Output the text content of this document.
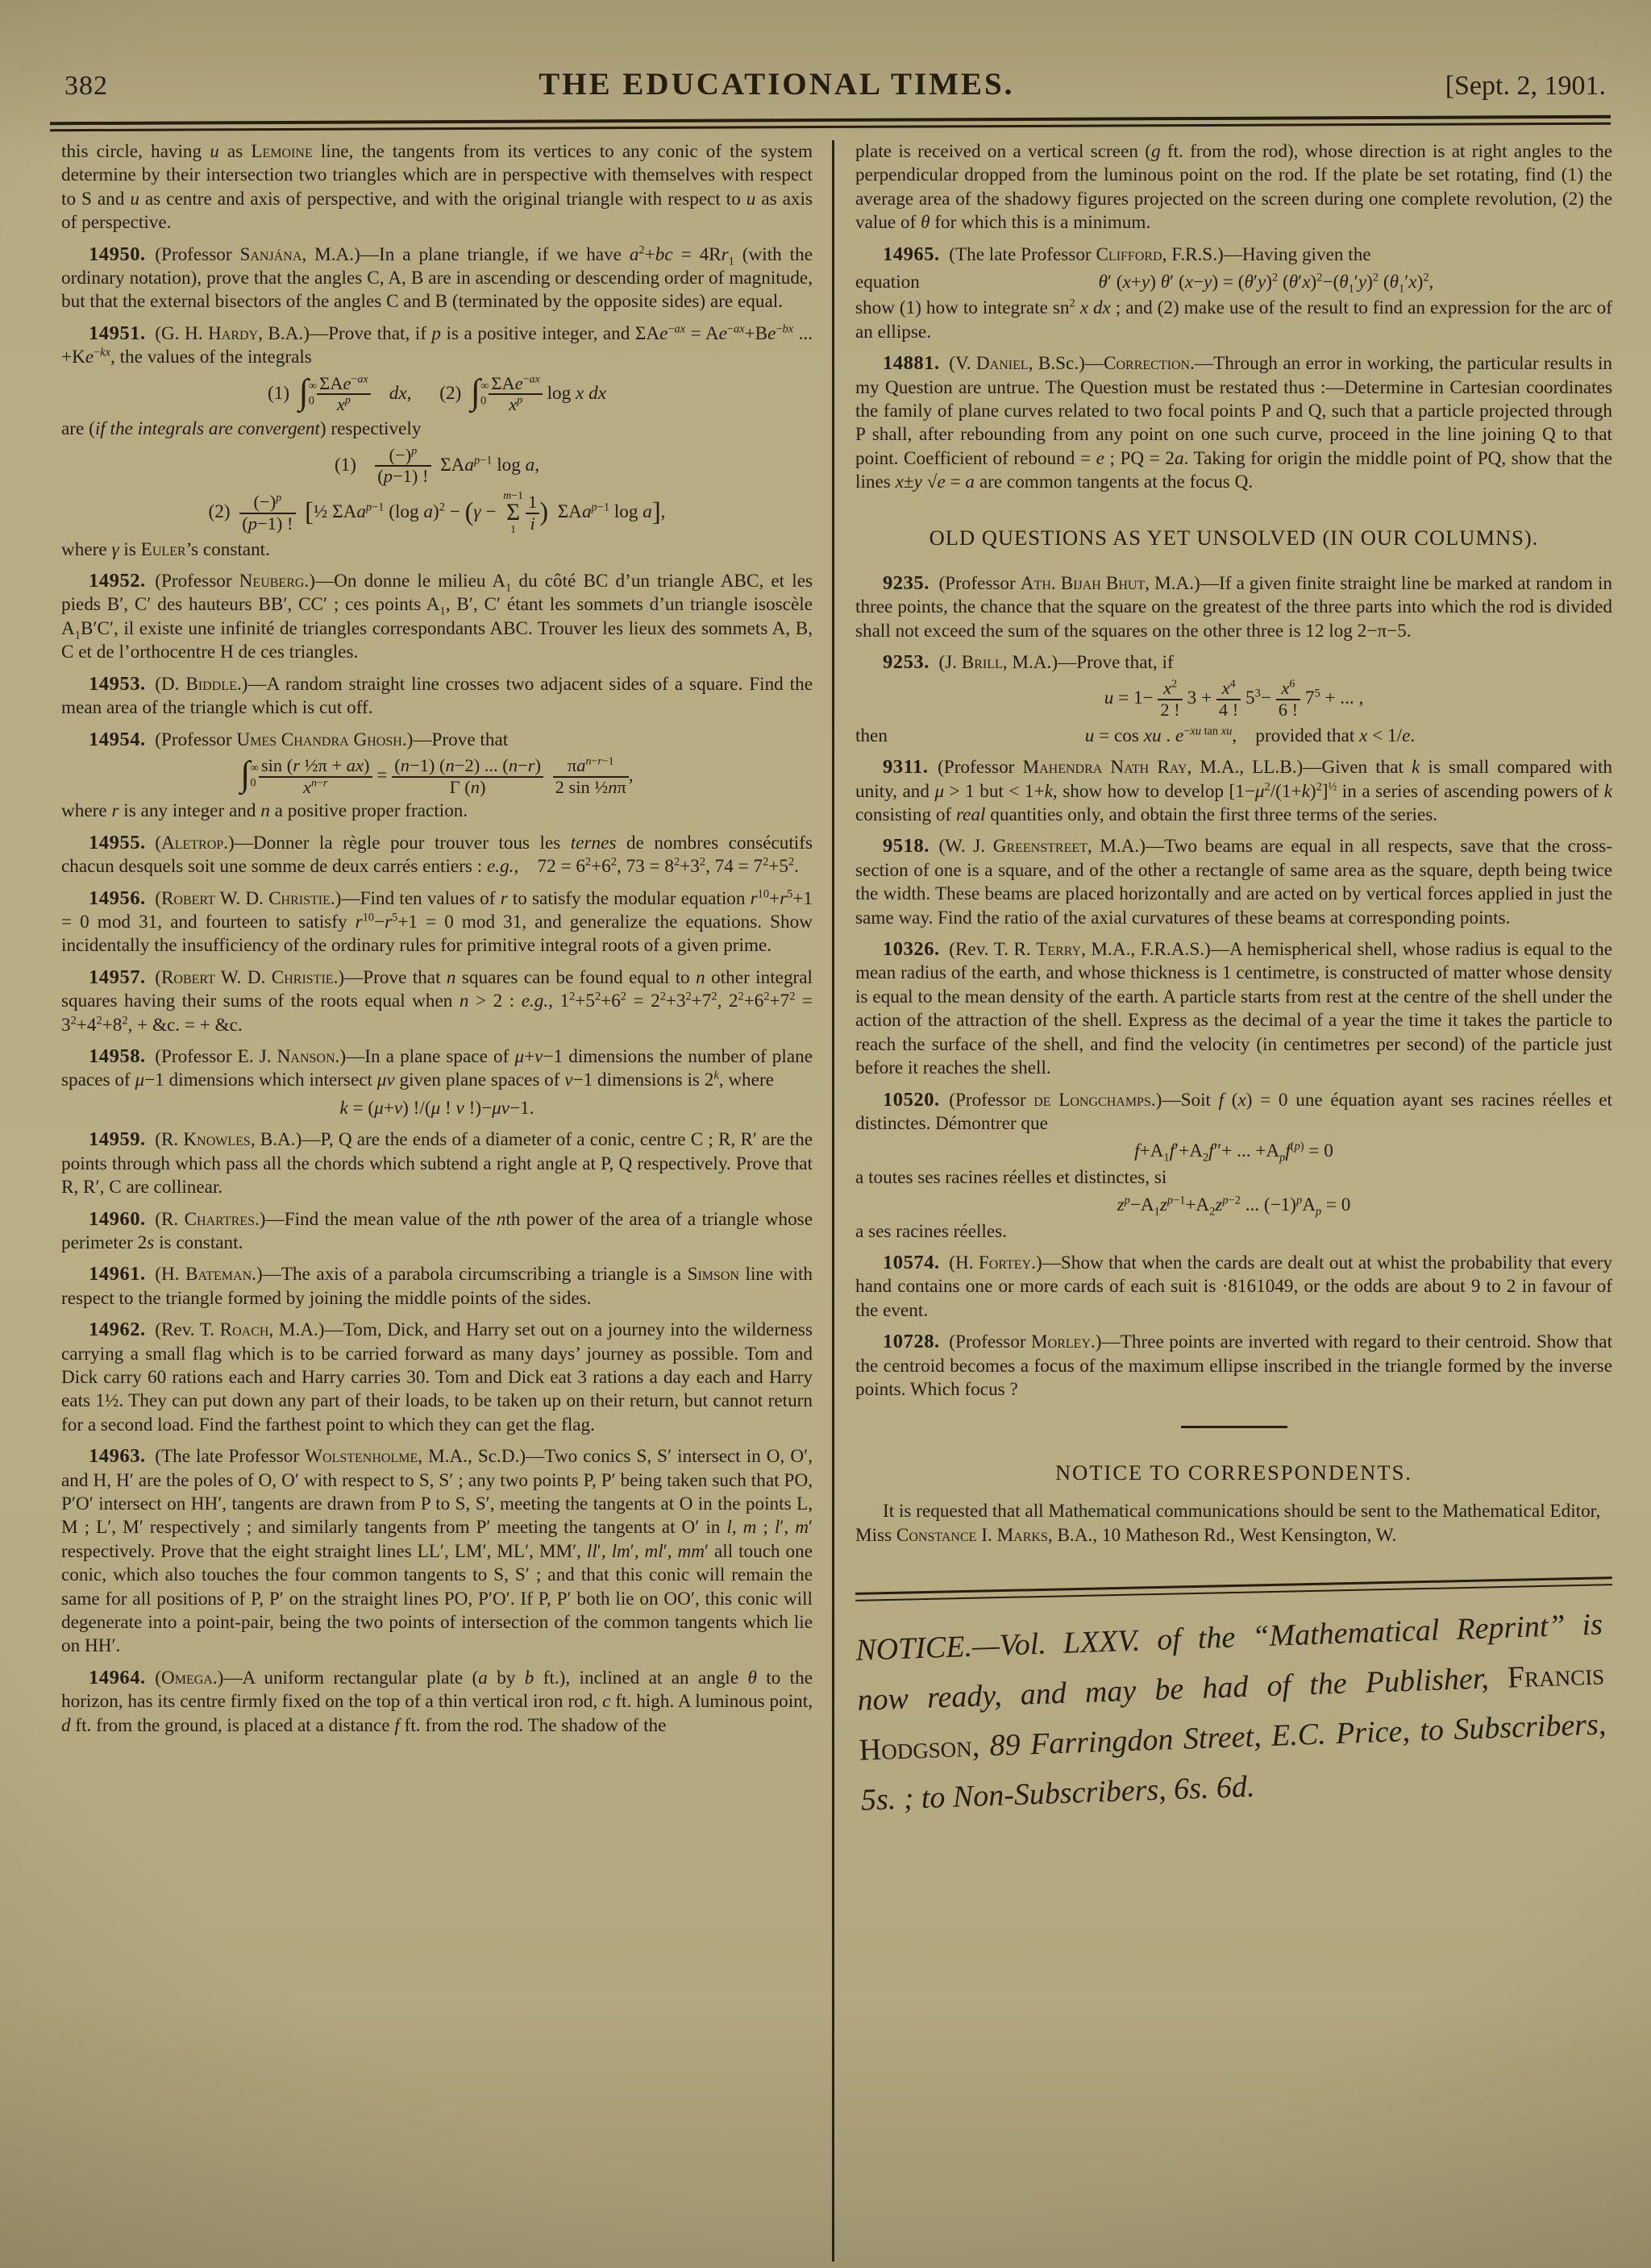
382	THE EDUCATIONAL TIMES.	[Sept. 2, 1901.

this circle, having u as Lemoine line, the tangents from its vertices to any conic of the system determine by their intersection two triangles which are in perspective with themselves with respect to S and u as centre and axis of perspective, and with the original triangle with respect to u as axis of perspective.

14950.  (Professor Sanjána, M.A.)—In a plane triangle, if we have $a^2+bc = 4Rr_1$ (with the ordinary notation), prove that the angles C, A, B are in ascending or descending order of magnitude, but that the external bisectors of the angles C and B (terminated by the opposite sides) are equal.

14951.  (G. H. Hardy, B.A.)—Prove that, if p is a positive integer, and $\Sigma Ae^{-ax} = Ae^{-ax}+Be^{-bx}$ ... $+Ke^{-kx}$, the values of the integrals
(1) $\int_0^\infty$ ΣAe$^{-ax}$
$x^p$
 	dx,  (2) $\int_0^\infty$ ΣAe$^{-ax}$
$x^p$	log x dx
are (if the integrals are convergent) respectively
(1)  $\frac{(-)^p}{(p-1) !}$  ΣAa$^{p-1}$ log a,
(2)  $\frac{(-)^p}{(p-1) !}$
  [½ ΣAa$^{p-1}$ (log a)$^2$ − (γ −
m−1
Σ
$1 \frac{1}{i}$ ) ΣAa$^{p-1}$ log a],
where γ is Euler’s constant.

14952.  (Professor Neuberg.)—On donne le milieu $A_1$ du côté BC d’un triangle ABC, et les pieds B′, C′ des hauteurs BB′, CC′ ; ces points $A_1$, B′, C′ étant les sommets d’un triangle isoscèle $A_1B'C'$, il existe une infinité de triangles correspondants ABC. Trouver les lieux des sommets A, B, C et de l’orthocentre H de ces triangles.

14953.  (D. Biddle.)—A random straight line crosses two adjacent sides of a square. Find the mean area of the triangle which is cut off.

14954.  (Professor Umes Chandra Ghosh.)—Prove that
$\int_0^\infty \frac{\text{sin (r ½π + ax)}}{x^{n-r}} = \frac{(n-1) (n-2) ... (n-r)}{\Gamma (n)}$
 	$\pi a^{n-r-1}$
2 sin ½nπ
,
where r is any integer and n a positive proper fraction.

14955.  (Aletrop.)—Donner la règle pour trouver tous les ternes de nombres consécutifs chacun desquels soit une somme de deux carrés entiers : e.g., $72 = 6^2+6^2$, $73 = 8^2+3^2$, $74 = 7^2+5^2$.

14956.  (Robert W. D. Christie.)—Find ten values of r to satisfy the modular equation $r^{10}+r^5+1 = 0$ mod 31, and fourteen to satisfy $r^{10}-r^5+1 = 0$ mod 31, and generalize the equations. Show incidentally the insufficiency of the ordinary rules for primitive integral roots of a given prime.

14957.  (Robert W. D. Christie.)—Prove that n squares can be found equal to n other integral squares having their sums of the roots equal when n > 2 : e.g., $1^2+5^2+6^2 = 2^2+3^2+7^2$, $2^2+6^2+7^2 = 3^2+4^2+8^2$, + &c. = + &c.

14958.  (Professor E. J. Nanson.)—In a plane space of μ+ν−1 dimensions the number of plane spaces of μ−1 dimensions which intersect μν given plane spaces of ν−1 dimensions is 2$^k$, where
k = (μ+ν) !/(μ ! ν !)−μν−1.

14959.  (R. Knowles, B.A.)—P, Q are the ends of a diameter of a conic, centre C ; R, R′ are the points through which pass all the chords which subtend a right angle at P, Q respectively. Prove that R, R′, C are collinear.

14960.  (R. Chartres.)—Find the mean value of the nth power of the area of a triangle whose perimeter 2s is constant.

14961.  (H. Bateman.)—The axis of a parabola circumscribing a triangle is a Simson line with respect to the triangle formed by joining the middle points of the sides.

14962.  (Rev. T. Roach, M.A.)—Tom, Dick, and Harry set out on a journey into the wilderness carrying a small flag which is to be carried forward as many days’ journey as possible. Tom and Dick carry 60 rations each and Harry carries 30. Tom and Dick eat 3 rations a day each and Harry eats 1½. They can put down any part of their loads, to be taken up on their return, but cannot return for a second load. Find the farthest point to which they can get the flag.

14963.  (The late Professor Wolstenholme, M.A., Sc.D.)—Two conics S, S′ intersect in O, O′, and H, H′ are the poles of O, O′ with respect to S, S′ ; any two points P, P′ being taken such that PO, P′O′ intersect on HH′, tangents are drawn from P to S, S′, meeting the tangents at O in the points L, M ; L′, M′ respectively ; and similarly tangents from P′ meeting the tangents at O′ in l, m ; l′, m′ respectively. Prove that the eight straight lines LL′, LM′, ML′, MM′, ll′, lm′, ml′, mm′ all touch one conic, which also touches the four common tangents to S, S′ ; and that this conic will remain the same for all positions of P, P′ on the straight lines PO, P′O′. If P, P′ both lie on OO′, this conic will degenerate into a point-pair, being the two points of intersection of the common tangents which lie on HH′.

14964.  (Omega.)—A uniform rectangular plate (a by b ft.), inclined at an angle θ to the horizon, has its centre firmly fixed on the top of a thin vertical iron rod, c ft. high. A luminous point, d ft. from the ground, is placed at a distance f ft. from the rod. The shadow of the

plate is received on a vertical screen (g ft. from the rod), whose direction is at right angles to the perpendicular dropped from the luminous point on the rod. If the plate be set rotating, find (1) the average area of the shadowy figures projected on the screen during one complete revolution, (2) the value of θ for which this is a minimum.

14965.  (The late Professor Clifford, F.R.S.)—Having given the
equation	θ′ (x+y) θ′ $(x-y) = (\theta'y)^2$ $(\theta'x)^2-(\theta_1'y)^2$ $(\theta_1'x)^2$,
show (1) how to integrate $sn^2$ x dx ; and (2) make use of the result to find an expression for the arc of an ellipse.

14881.  (V. Daniel, B.Sc.)—Correction.—Through an error in working, the particular results in my Question are untrue. The Question must be restated thus :—Determine in Cartesian coordinates the family of plane curves related to two focal points P and Q, such that a particle projected through P shall, after rebounding from any point on one such curve, proceed in the line joining Q to that point. Coefficient of rebound = e ; PQ = 2a. Taking for origin the middle point of PQ, show that the lines x±y √e = a are common tangents at the focus Q.

OLD QUESTIONS AS YET UNSOLVED (IN OUR COLUMNS).

9235.  (Professor Ath. Bijah Bhut, M.A.)—If a given finite straight line be marked at random in three points, the chance that the square on the greatest of the three parts into which the rod is divided shall not exceed the sum of the squares on the other three is 12 log 2−π−5.

9253.  (J. Brill, M.A.)—Prove that, if
$u = 1- \frac{x^2}{2 !} 3 + \frac{x^4}{4 !} 5^3- \frac{x^6}{6 !} 7^5$ + ... ,
then	u = cos xu . $e^{-xu tan xu}$, provided that x < 1/e.

9311.  (Professor Mahendra Nath Ray, M.A., LL.B.)—Given that k is small compared with unity, and μ > 1 but < 1+k, show how to develop $[1-\mu^2/(1+k)^2]^{\frac{1}{2}}$ in a series of ascending powers of k consisting of real quantities only, and obtain the first three terms of the series.

9518.  (W. J. Greenstreet, M.A.)—Two beams are equal in all respects, save that the cross-section of one is a square, and of the other a rectangle of same area as the square, depth being twice the width. These beams are placed horizontally and are acted on by vertical forces applied in just the same way. Find the ratio of the axial curvatures of these beams at corresponding points.

10326.  (Rev. T. R. Terry, M.A., F.R.A.S.)—A hemispherical shell, whose radius is equal to the mean radius of the earth, and whose thickness is 1 centimetre, is constructed of matter whose density is equal to the mean density of the earth. A particle starts from rest at the centre of the shell under the action of the attraction of the shell. Express as the decimal of a year the time it takes the particle to reach the surface of the shell, and find the velocity (in centimetres per second) of the particle just before it reaches the shell.

10520.  (Professor de Longchamps.)—Soit f (x) = 0 une équation ayant ses racines réelles et distinctes. Démontrer que
$f+A_1f'+A_2f''+$ ... $+A_pf^{(p)} = 0$
a toutes ses racines réelles et distinctes, si
$z^p-A_1z^{p-1}+A_2z^{p-2}$ ... $(-1)^pA_p = 0$
a ses racines réelles.

10574.  (H. Fortey.)—Show that when the cards are dealt out at whist the probability that every hand contains one or more cards of each suit is ·8161049, or the odds are about 9 to 2 in favour of the event.

10728.  (Professor Morley.)—Three points are inverted with regard to their centroid. Show that the centroid becomes a focus of the maximum ellipse inscribed in the triangle formed by the inverse points. Which focus ?

NOTICE TO CORRESPONDENTS.

It is requested that all Mathematical communications should be sent to the Mathematical Editor,
Miss Constance I. Marks, B.A., 10 Matheson Rd., West Kensington, W.

NOTICE.—Vol. LXXV. of the “Mathematical Reprint” is now ready, and may be had of the Publisher, Francis Hodgson, 89 Farringdon Street, E.C. Price, to Subscribers, 5s. ; to Non-Subscribers, 6s. 6d.
